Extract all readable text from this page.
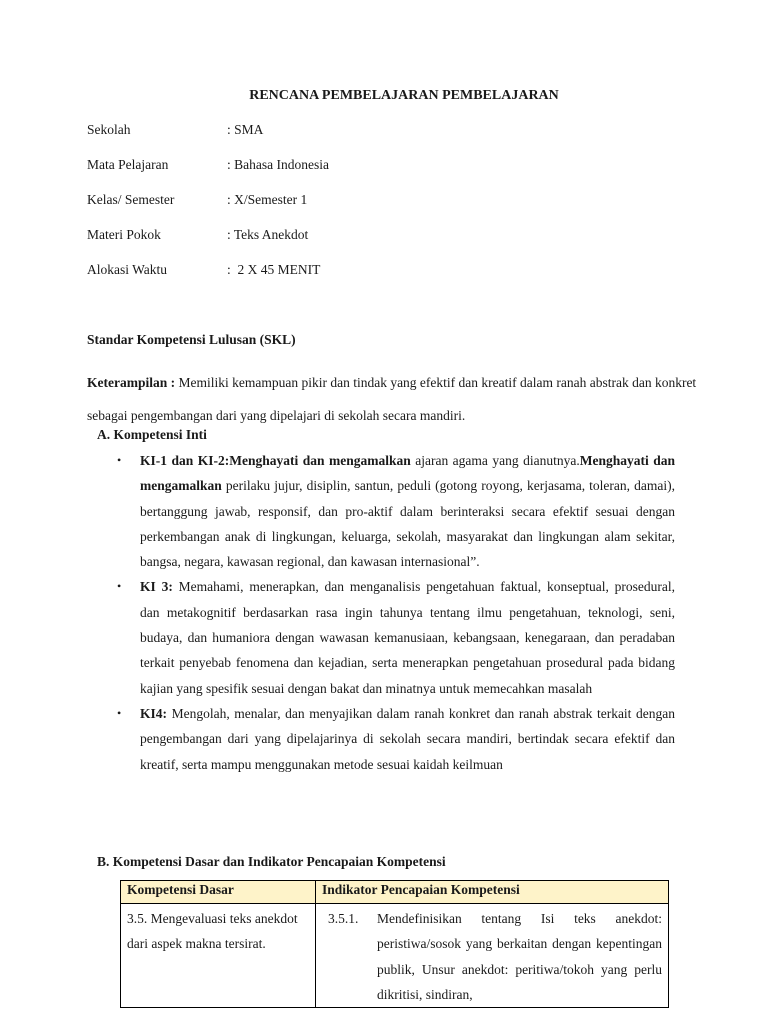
RENCANA PEMBELAJARAN PEMBELAJARAN
Sekolah	: SMA
Mata Pelajaran	: Bahasa Indonesia
Kelas/ Semester	: X/Semester 1
Materi Pokok	: Teks Anekdot
Alokasi Waktu	:  2 X 45 MENIT
Standar Kompetensi Lulusan (SKL)
Keterampilan : Memiliki kemampuan pikir dan tindak yang efektif dan kreatif dalam ranah abstrak dan konkret sebagai pengembangan dari yang dipelajari di sekolah secara mandiri.
A. Kompetensi Inti
• KI-1 dan KI-2:Menghayati dan mengamalkan ajaran agama yang dianutnya.Menghayati dan mengamalkan perilaku jujur, disiplin, santun, peduli (gotong royong, kerjasama, toleran, damai), bertanggung jawab, responsif, dan pro-aktif dalam berinteraksi secara efektif sesuai dengan perkembangan anak di lingkungan, keluarga, sekolah, masyarakat dan lingkungan alam sekitar, bangsa, negara, kawasan regional, dan kawasan internasional”.
• KI 3: Memahami, menerapkan, dan menganalisis pengetahuan faktual, konseptual, prosedural, dan metakognitif berdasarkan rasa ingin tahunya tentang ilmu pengetahuan, teknologi, seni, budaya, dan humaniora dengan wawasan kemanusiaan, kebangsaan, kenegaraan, dan peradaban terkait penyebab fenomena dan kejadian, serta menerapkan pengetahuan prosedural pada bidang kajian yang spesifik sesuai dengan bakat dan minatnya untuk memecahkan masalah
• KI4: Mengolah, menalar, dan menyajikan dalam ranah konkret dan ranah abstrak terkait dengan pengembangan dari yang dipelajarinya di sekolah secara mandiri, bertindak secara efektif dan kreatif, serta mampu menggunakan metode sesuai kaidah keilmuan
B. Kompetensi Dasar dan Indikator Pencapaian Kompetensi
Kompetensi Dasar	Indikator Pencapaian Kompetensi
3.5. Mengevaluasi teks anekdot dari aspek makna tersirat.	3.5.1. Mendefinisikan tentang Isi teks anekdot: peristiwa/sosok yang berkaitan dengan kepentingan publik, Unsur anekdot: peritiwa/tokoh yang perlu dikritisi, sindiran,
